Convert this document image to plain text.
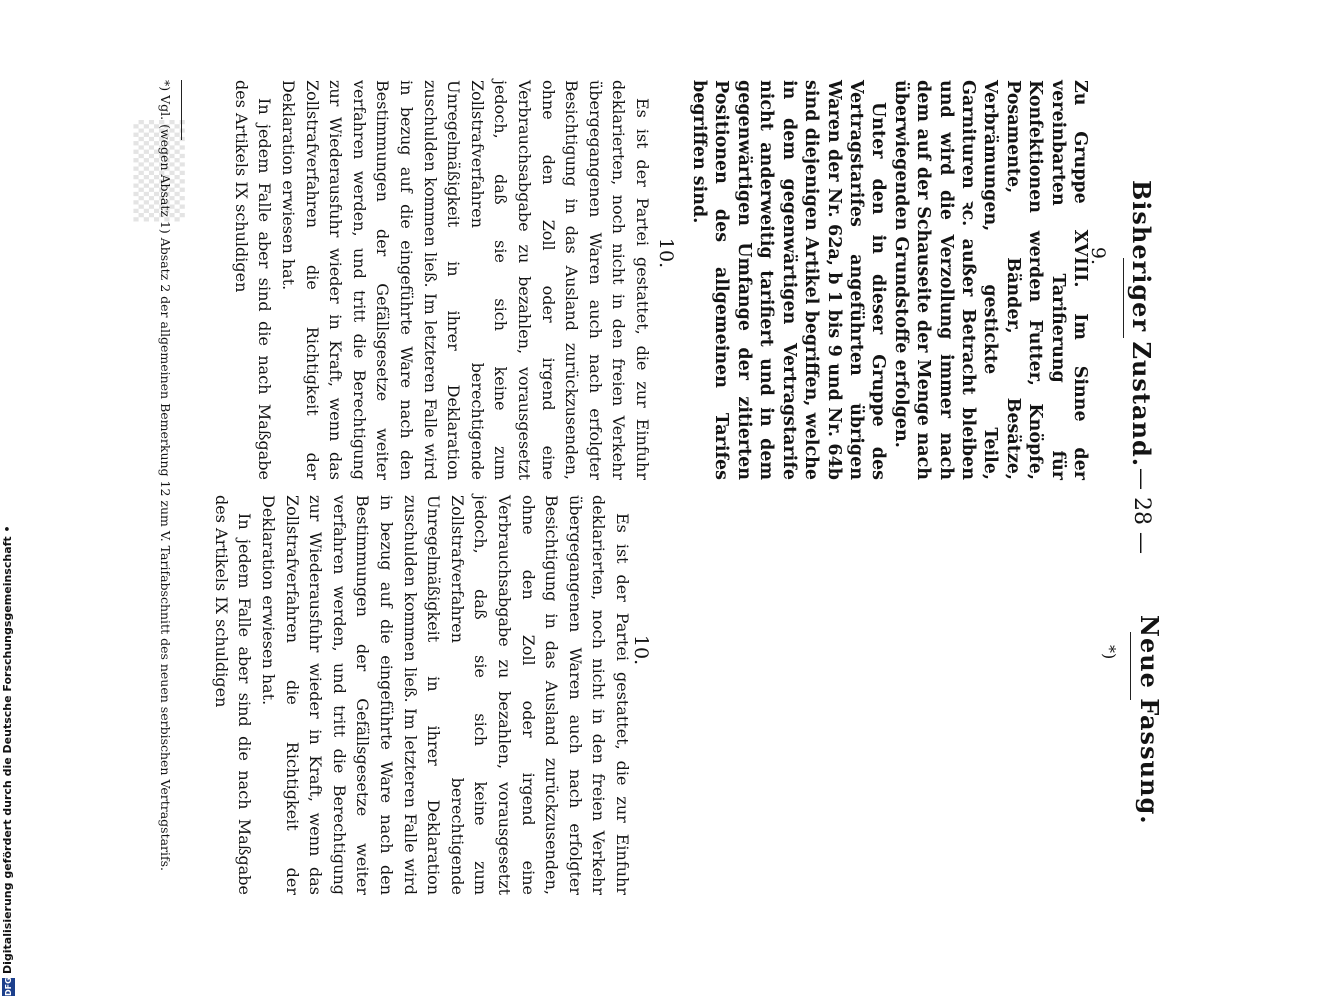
▒▒▒
Bisheriger Zustand.
— 28 —
Neue Fassung.
*)
9.

Zu Gruppe XVIII. Im Sinne der vereinbarten Tarifierung für Konfektionen werden Futter, Knöpfe, Posamente, Bänder, Besätze, Verbrämungen, gestickte Teile, Garnituren ꝛc. außer Betracht bleiben und wird die Verzollung immer nach dem auf der Schauseite der Menge nach überwiegenden Grundstoffe erfolgen.

Unter den in dieser Gruppe des Vertragstarifes angeführten übrigen Waren der Nr. 62a, b 1 bis 9 und Nr. 64b sind diejenigen Artikel begriffen, welche in dem gegenwärtigen Vertragstarife nicht anderweitig tarifiert und in dem gegenwärtigen Umfange der zitierten Positionen des allgemeinen Tarifes begriffen sind.

10.

Es ist der Partei gestattet, die zur Einfuhr deklarierten, noch nicht in den freien Verkehr übergegangenen Waren auch nach erfolgter Besichtigung in das Ausland zurückzusenden, ohne den Zoll oder irgend eine Verbrauchsabgabe zu bezahlen, vorausgesetzt jedoch, daß sie sich keine zum Zollstrafverfahren berechtigende Unregelmäßigkeit in ihrer Deklaration zuschulden kommen ließ. Im letzteren Falle wird in bezug auf die eingeführte Ware nach den Bestimmungen der Gefällsgesetze weiter verfahren werden, und tritt die Berechtigung zur Wiederausfuhr wieder in Kraft, wenn das Zollstrafverfahren die Richtigkeit der Deklaration erwiesen hat.

In jedem Falle aber sind die nach Maßgabe des Artikels IX schuldigen

*) Vgl. (wegen Absatz 1) Absatz 2 der allgemeinen Bemerkung 12 zum V. Tarifabschnitt des neuen serbischen Vertragstarifs.	10.

Es ist der Partei gestattet, die zur Einfuhr deklarierten, noch nicht in den freien Verkehr übergegangenen Waren auch nach erfolgter Besichtigung in das Ausland zurückzusenden, ohne den Zoll oder irgend eine Verbrauchsabgabe zu bezahlen, vorausgesetzt jedoch, daß sie sich keine zum Zollstrafverfahren berechtigende Unregelmäßigkeit in ihrer Deklaration zuschulden kommen ließ. Im letzteren Falle wird in bezug auf die eingeführte Ware nach den Bestimmungen der Gefällsgesetze weiter verfahren werden, und tritt die Berechtigung zur Wiederausfuhr wieder in Kraft, wenn das Zollstrafverfahren die Richtigkeit der Deklaration erwiesen hat.

In jedem Falle aber sind die nach Maßgabe des Artikels IX schuldigen

DFG
Digitalisierung gefördert durch die Deutsche Forschungsgemeinschaft •
